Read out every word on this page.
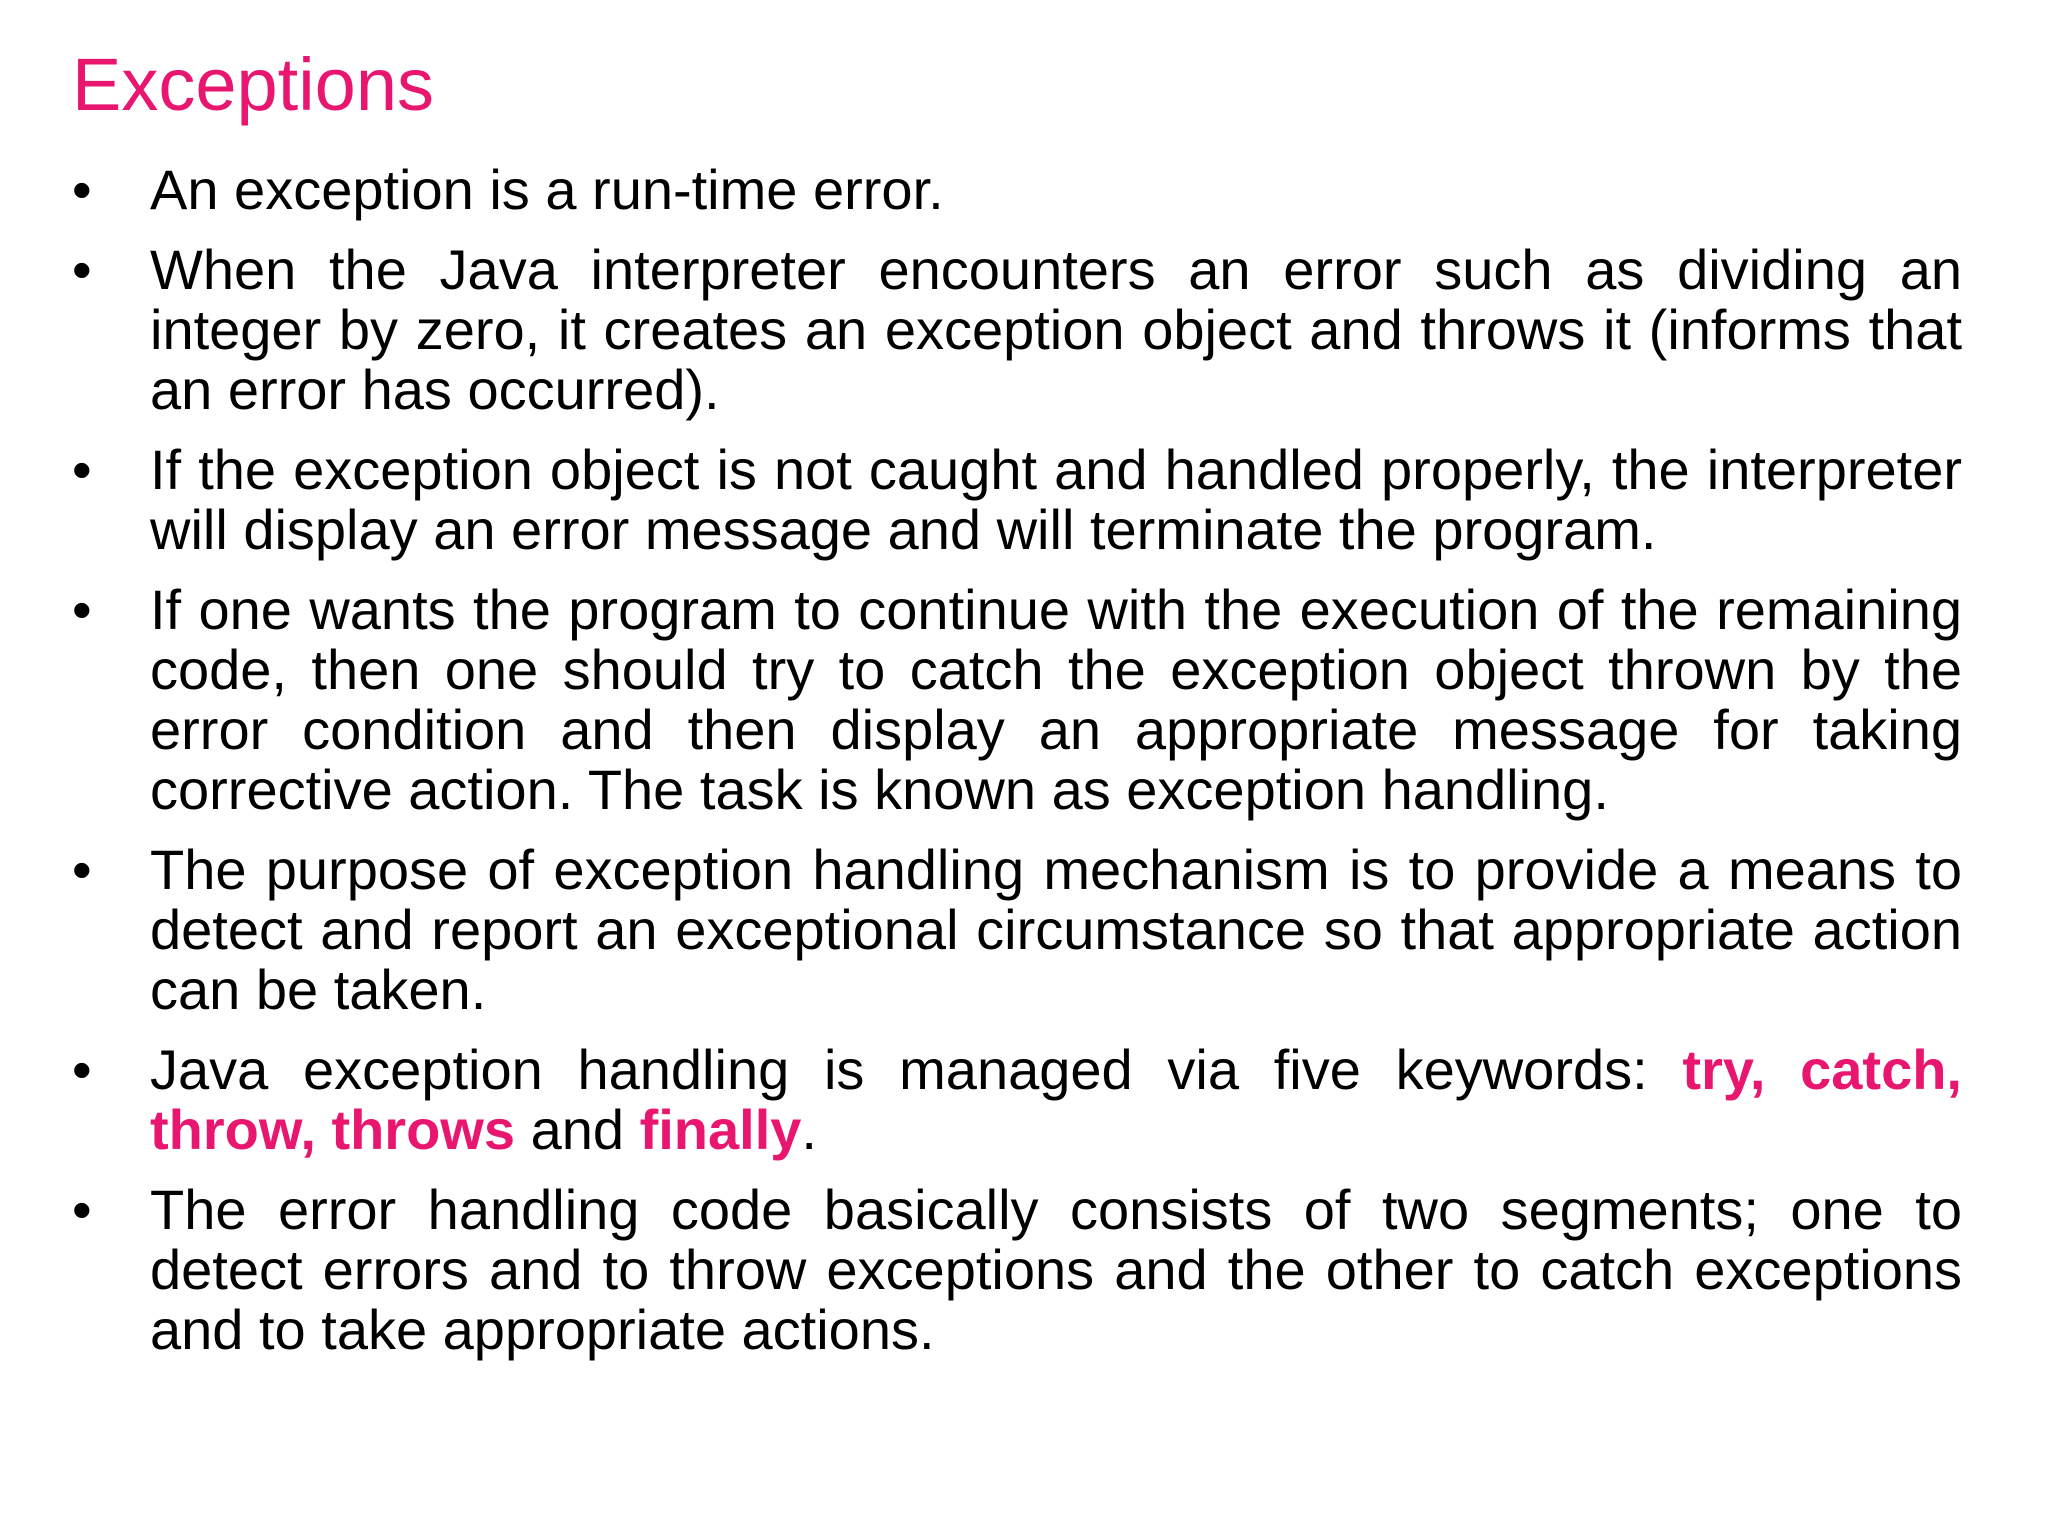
Exceptions
•	An exception is a run-time error.
•	When the Java interpreter encounters an error such as dividing an integer by zero, it creates an exception object and throws it (informs that an error has occurred).
•	If the exception object is not caught and handled properly, the interpreter will display an error message and will terminate the program.
•	If one wants the program to continue with the execution of the remaining code, then one should try to catch the exception object thrown by the error condition and then display an appropriate message for taking corrective action. The task is known as exception handling.
•	The purpose of exception handling mechanism is to provide a means to detect and report an exceptional circumstance so that appropriate action can be taken.
•	Java exception handling is managed via five keywords: try, catch, throw, throws and finally.
•	The error handling code basically consists of two segments; one to detect errors and to throw exceptions and the other to catch exceptions and to take appropriate actions.
